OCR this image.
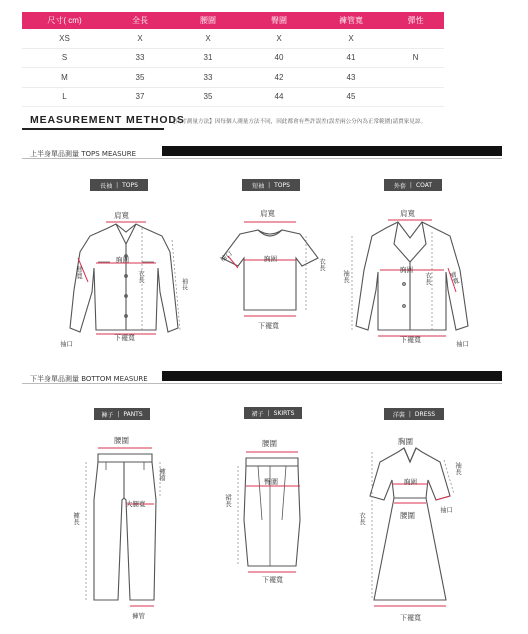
尺寸( cm)	全長	腰圍	臀圍	褲管寬	彈性
XS	X	X	X	X	
S	33	31	40	41	N
M	35	33	42	43	
L	37	35	44	45	
MEASUREMENT METHODS
【尺寸測量方法】因每個人測量方法不同，因此都會有些許誤差(誤差兩公分內為正常範圍)請賈家見諒。
上半身單品測量 TOPS MEASURE
長袖 | TOPS	短袖 | TOPS	外套 | COAT
肩寬
胸圍
衣長
袖長
臂寬
下襬寬
袖口
肩寬
胸圍	衣長
袖口
下襬寬
肩寬
胸圍
衣長
袖長	臂寬
下襬寬	袖口
下半身單品測量 BOTTOM MEASURE
褲子 | PANTS	裙子 | SKIRTS	洋裝 | DRESS
腰圍
褲襠
大腿寬
褲長
褲管
腰圍
臀圍
裙長
下襬寬
胸圍
胸圍
腰圍
衣長
袖長
袖口
下襬寬
